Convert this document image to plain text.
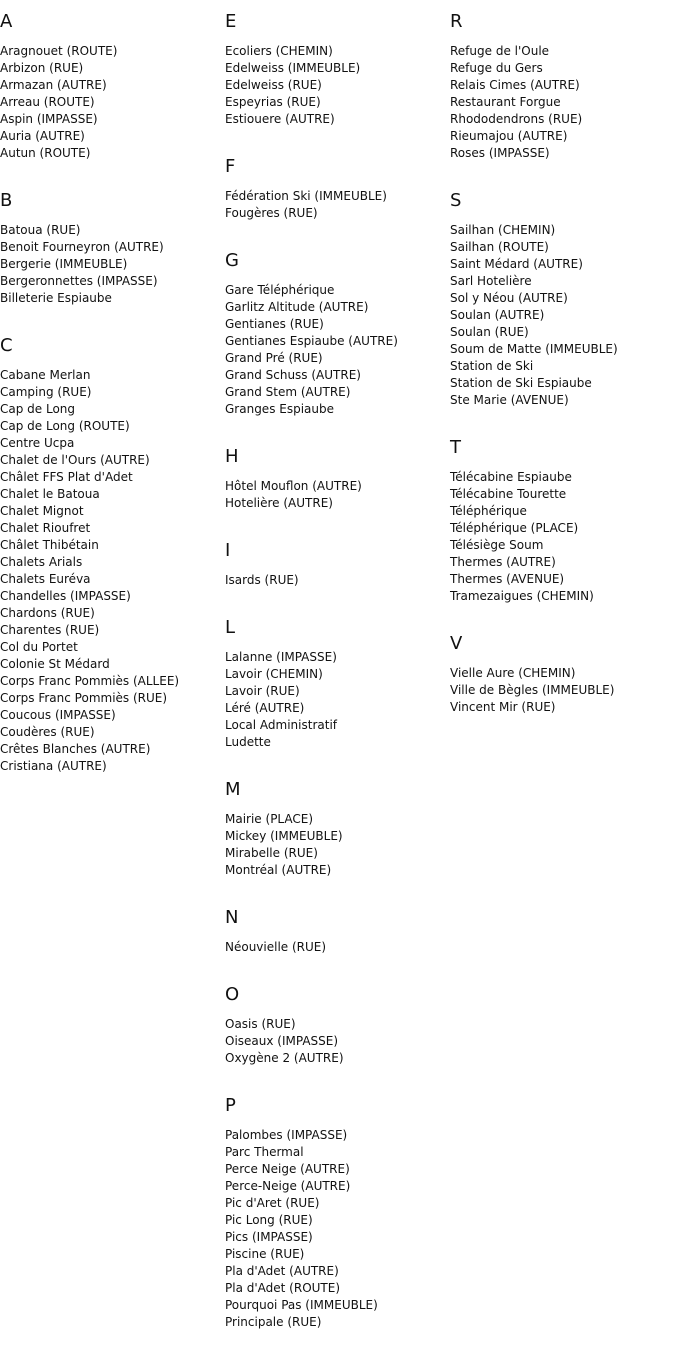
A
Aragnouet (ROUTE)
Arbizon (RUE)
Armazan (AUTRE)
Arreau (ROUTE)
Aspin (IMPASSE)
Auria (AUTRE)
Autun (ROUTE)
B
Batoua (RUE)
Benoit Fourneyron (AUTRE)
Bergerie (IMMEUBLE)
Bergeronnettes (IMPASSE)
Billeterie Espiaube
C
Cabane Merlan
Camping (RUE)
Cap de Long
Cap de Long (ROUTE)
Centre Ucpa
Chalet de l'Ours (AUTRE)
Châlet FFS Plat d'Adet
Chalet le Batoua
Chalet Mignot
Chalet Rioufret
Châlet Thibétain
Chalets Arials
Chalets Euréva
Chandelles (IMPASSE)
Chardons (RUE)
Charentes (RUE)
Col du Portet
Colonie St Médard
Corps Franc Pommiès (ALLEE)
Corps Franc Pommiès (RUE)
Coucous (IMPASSE)
Coudères (RUE)
Crêtes Blanches (AUTRE)
Cristiana (AUTRE)
E
Ecoliers (CHEMIN)
Edelweiss (IMMEUBLE)
Edelweiss (RUE)
Espeyrias (RUE)
Estiouere (AUTRE)
F
Fédération Ski (IMMEUBLE)
Fougères (RUE)
G
Gare Téléphérique
Garlitz Altitude (AUTRE)
Gentianes (RUE)
Gentianes Espiaube (AUTRE)
Grand Pré (RUE)
Grand Schuss (AUTRE)
Grand Stem (AUTRE)
Granges Espiaube
H
Hôtel Mouflon (AUTRE)
Hotelière (AUTRE)
I
Isards (RUE)
L
Lalanne (IMPASSE)
Lavoir (CHEMIN)
Lavoir (RUE)
Léré (AUTRE)
Local Administratif
Ludette
M
Mairie (PLACE)
Mickey (IMMEUBLE)
Mirabelle (RUE)
Montréal (AUTRE)
N
Néouvielle (RUE)
O
Oasis (RUE)
Oiseaux (IMPASSE)
Oxygène 2 (AUTRE)
P
Palombes (IMPASSE)
Parc Thermal
Perce Neige (AUTRE)
Perce-Neige (AUTRE)
Pic d'Aret (RUE)
Pic Long (RUE)
Pics (IMPASSE)
Piscine (RUE)
Pla d'Adet (AUTRE)
Pla d'Adet (ROUTE)
Pourquoi Pas (IMMEUBLE)
Principale (RUE)
R
Refuge de l'Oule
Refuge du Gers
Relais Cimes (AUTRE)
Restaurant Forgue
Rhododendrons (RUE)
Rieumajou (AUTRE)
Roses (IMPASSE)
S
Sailhan (CHEMIN)
Sailhan (ROUTE)
Saint Médard (AUTRE)
Sarl Hotelière
Sol y Néou (AUTRE)
Soulan (AUTRE)
Soulan (RUE)
Soum de Matte (IMMEUBLE)
Station de Ski
Station de Ski Espiaube
Ste Marie (AVENUE)
T
Télécabine Espiaube
Télécabine Tourette
Téléphérique
Téléphérique (PLACE)
Télésiège Soum
Thermes (AUTRE)
Thermes (AVENUE)
Tramezaigues (CHEMIN)
V
Vielle Aure (CHEMIN)
Ville de Bègles (IMMEUBLE)
Vincent Mir (RUE)
